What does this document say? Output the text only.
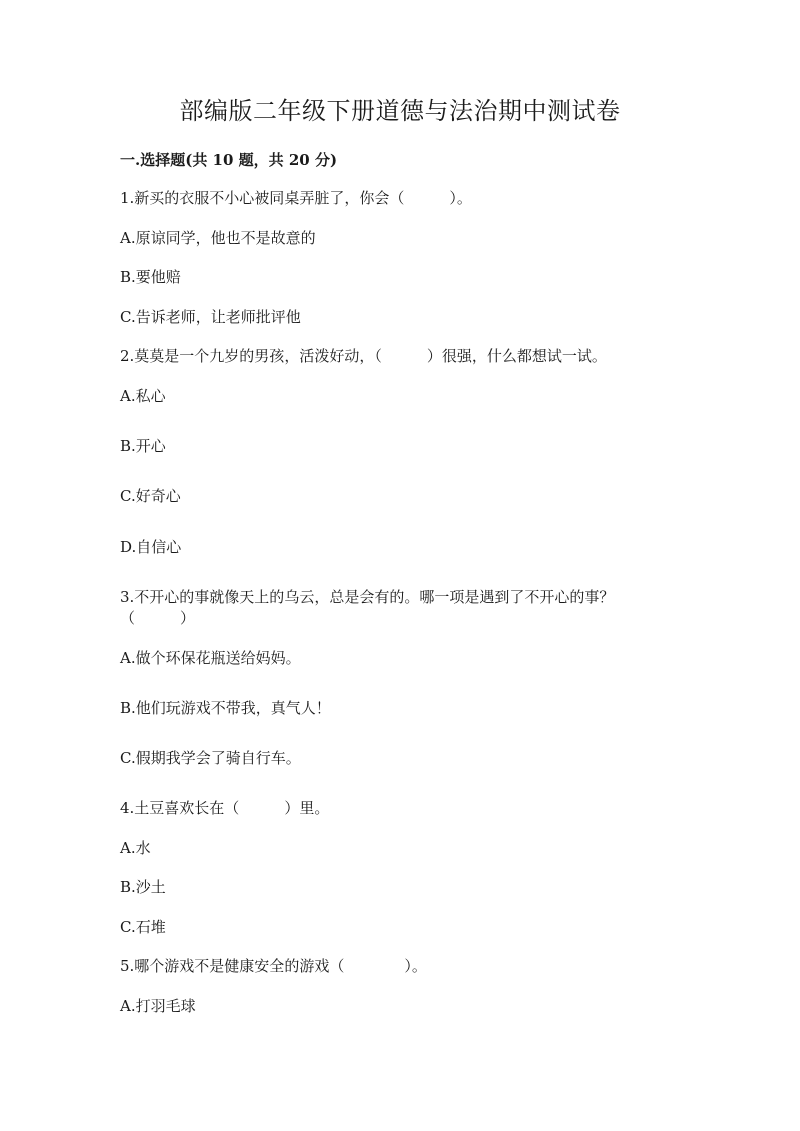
部编版二年级下册道德与法治期中测试卷
一.选择题(共 10 题，共 20 分)
1.新买的衣服不小心被同桌弄脏了，你会（　　　）。
A.原谅同学，他也不是故意的
B.要他赔
C.告诉老师，让老师批评他
2.莫莫是一个九岁的男孩，活泼好动，（　　　）很强，什么都想试一试。
A.私心
B.开心
C.好奇心
D.自信心
3.不开心的事就像天上的乌云，总是会有的。哪一项是遇到了不开心的事？
（　　　）
A.做个环保花瓶送给妈妈。
B.他们玩游戏不带我，真气人！
C.假期我学会了骑自行车。
4.土豆喜欢长在（　　　）里。
A.水
B.沙土
C.石堆
5.哪个游戏不是健康安全的游戏（　　　　）。
A.打羽毛球
